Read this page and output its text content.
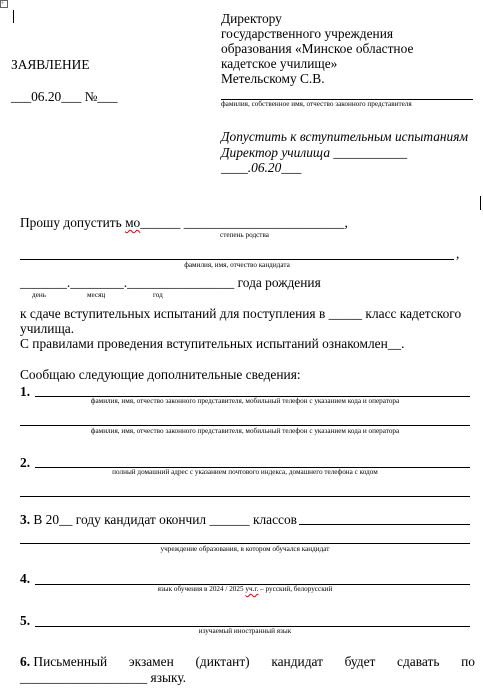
+
Директору
государственного учреждения
образования «Минское областное
кадетское училище»
Метельскому С.В.
фамилия, собственное имя, отчество законного представителя
ЗАЯВЛЕНИЕ
___06.20___ №___
Допустить к вступительным испытаниям
Директор училища ___________
____.06.20___
Прошу допустить мо______ ________________________,
степень родства
,
фамилия, имя, отчество кандидата
_______.________.________________ года рождения
день	месяц	год
к сдаче вступительных испытаний для поступления в _____ класс кадетского
училища.
С правилами проведения вступительных испытаний ознакомлен__.
Сообщаю следующие дополнительные сведения:
1.
фамилия, имя, отчество законного представителя, мобильный телефон с указанием кода и оператора
фамилия, имя, отчество законного представителя, мобильный телефон с указанием кода и оператора
2.
полный домашний адрес с указанием почтового индекса, домашнего телефона с кодом
3. В 20__ году кандидат окончил ______ классов
учреждение образования, в котором обучался кандидат
4.
язык обучения в 2024 / 2025 уч.г. – русский, белорусский
5.
изучаемый иностранный язык
6. Письменный экзамен (диктант) кандидат будет сдавать по
___________________ языку.
